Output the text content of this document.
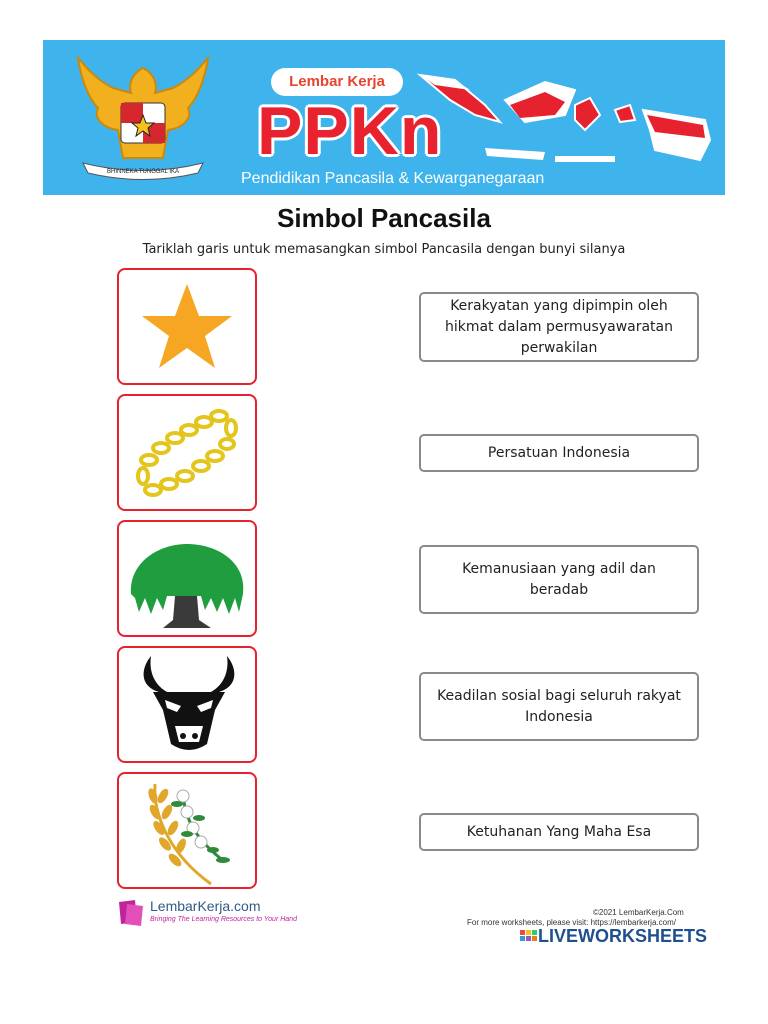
BHINNEKA TUNGGAL IKA
Lembar Kerja
PPKn
Pendidikan Pancasila & Kewarganegaraan
Simbol Pancasila
Tariklah garis untuk memasangkan simbol Pancasila dengan bunyi silanya
Kerakyatan yang dipimpin oleh hikmat dalam permusyawaratan perwakilan
Persatuan Indonesia
Kemanusiaan yang adil dan beradab
Keadilan sosial bagi seluruh rakyat Indonesia
Ketuhanan Yang Maha Esa
LembarKerja.com
Bringing The Learning Resources to Your Hand
©2021 LembarKerja.Com
For more worksheets, please visit: https://lembarkerja.com/
LIVEWORKSHEETS
